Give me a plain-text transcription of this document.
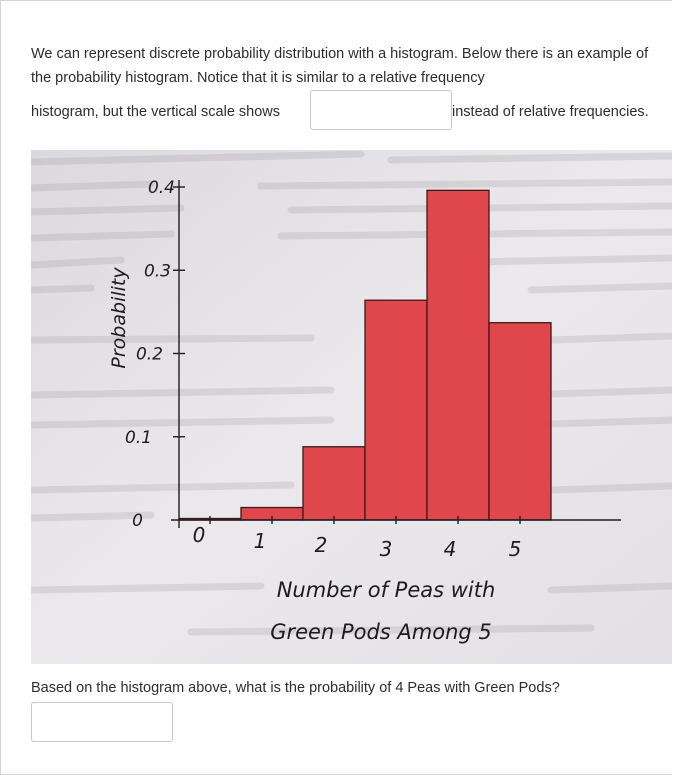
We can represent discrete probability distribution with a histogram. Below there is an example of the probability histogram. Notice that it is similar to a relative frequency
histogram, but the vertical scale shows	instead of relative frequencies.
0
0.1
0.2
0.3
0.4
0 1 2	3	4	5
Probability
Number of Peas with
Green Pods Among 5
Based on the histogram above, what is the probability of 4 Peas with Green Pods?
